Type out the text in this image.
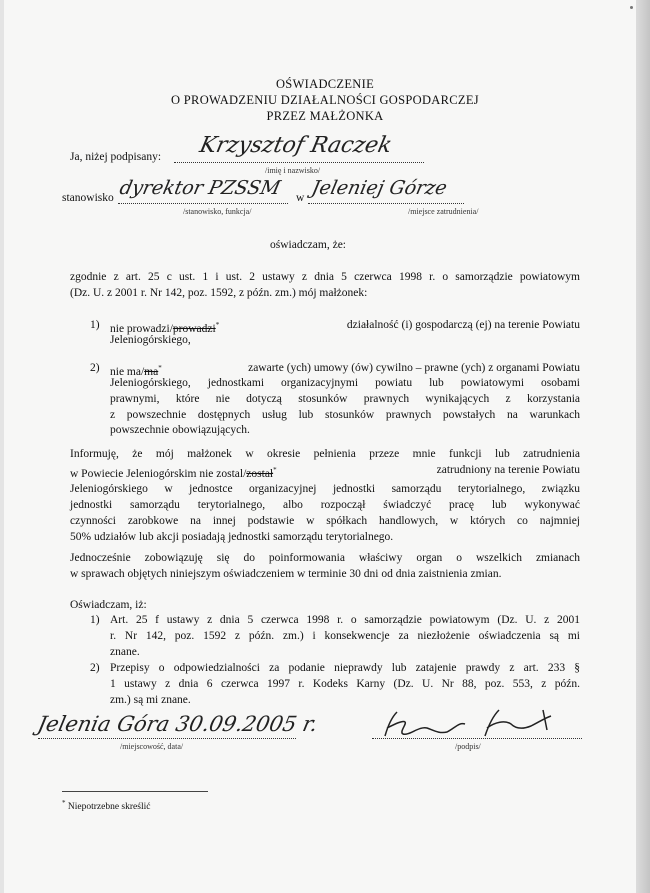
OŚWIADCZENIE
O PROWADZENIU DZIAŁALNOŚCI GOSPODARCZEJ
PRZEZ MAŁŻONKA
Ja, niżej podpisany: Krzysztof Raczek
/imię i nazwisko/
stanowisko dyrektor PZSSM w Jeleniej Górze
/stanowisko, funkcja/	/miejsce zatrudnienia/
oświadczam, że:
zgodnie z art. 25 c ust. 1 i ust. 2 ustawy z dnia 5 czerwca 1998 r. o samorządzie powiatowym
(Dz. U. z 2001 r. Nr 142, poz. 1592, z późn. zm.) mój małżonek:
1) nie prowadzi/prowadzi*	działalność (i) gospodarczą (ej) na terenie Powiatu
Jeleniogórskiego,
2) nie ma/ma*	zawarte (ych) umowy (ów) cywilno – prawne (ych) z organami Powiatu
Jeleniogórskiego, jednostkami organizacyjnymi powiatu lub powiatowymi osobami
prawnymi, które nie dotyczą stosunków prawnych wynikających z korzystania
z powszechnie dostępnych usług lub stosunków prawnych powstałych na warunkach
powszechnie obowiązujących.
Informuję, że mój małżonek w okresie pełnienia przeze mnie funkcji lub zatrudnienia
w Powiecie Jeleniogórskim nie zostal/został*	zatrudniony na terenie Powiatu
Jeleniogórskiego w jednostce organizacyjnej jednostki samorządu terytorialnego, związku
jednostki samorządu terytorialnego, albo rozpoczął świadczyć pracę lub wykonywać
czynności zarobkowe na innej podstawie w spółkach handlowych, w których co najmniej
50% udziałów lub akcji posiadają jednostki samorządu terytorialnego.
Jednocześnie zobowiązuję się do poinformowania właściwy organ o wszelkich zmianach
w sprawach objętych niniejszym oświadczeniem w terminie 30 dni od dnia zaistnienia zmian.
Oświadczam, iż:
1) Art. 25 f ustawy z dnia 5 czerwca 1998 r. o samorządzie powiatowym (Dz. U. z 2001
r. Nr 142, poz. 1592 z późn. zm.) i konsekwencje za niezłożenie oświadczenia są mi
znane.
2) Przepisy o odpowiedzialności za podanie nieprawdy lub zatajenie prawdy z art. 233 §
1 ustawy z dnia 6 czerwca 1997 r. Kodeks Karny (Dz. U. Nr 88, poz. 553, z późn.
zm.) są mi znane.
Jelenia Góra 30.09.2005 r.
/miejscowość, data/	/podpis/
* Niepotrzebne skreślić
